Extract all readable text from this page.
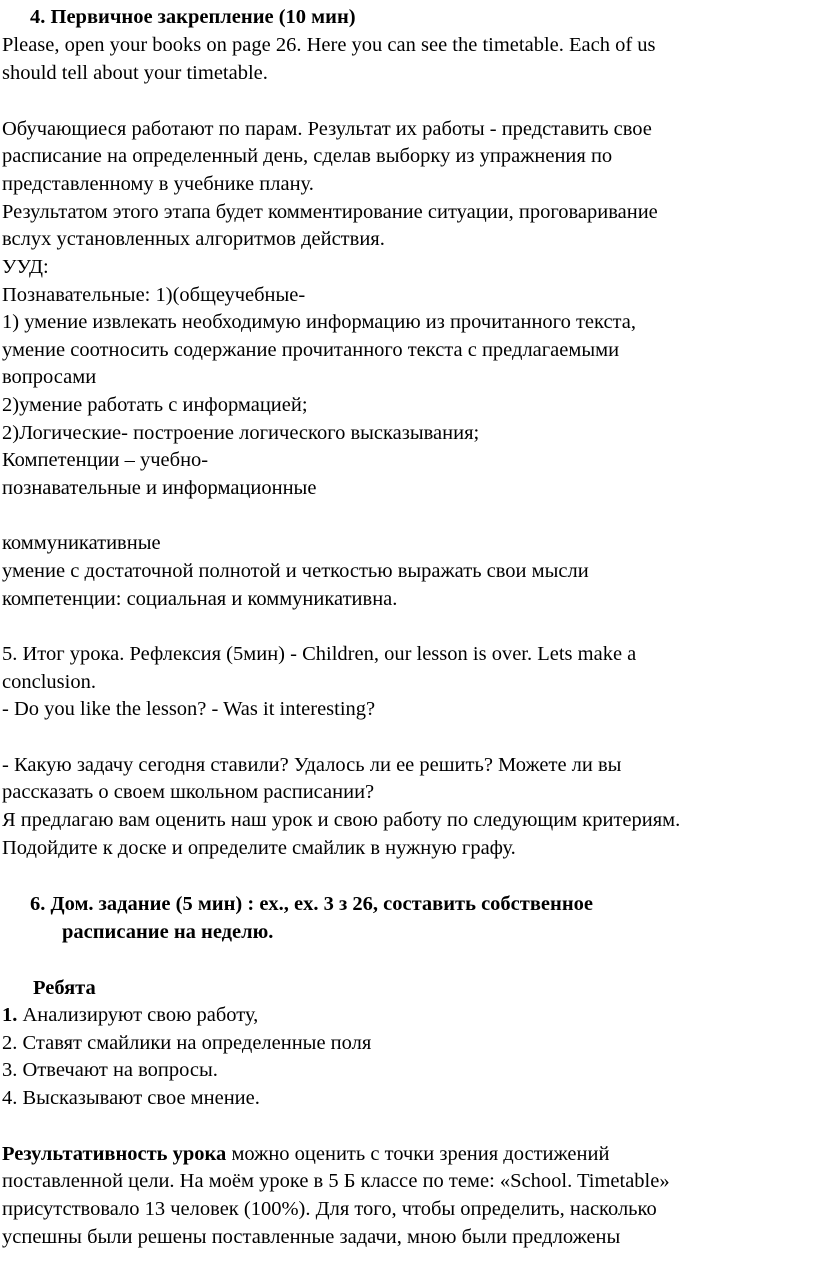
4. Первичное закрепление (10 мин)
Please, open your books on page 26. Here you can see the timetable. Each of us
should tell about your timetable.
Обучающиеся работают по парам. Результат их работы - представить свое
расписание на определенный день, сделав выборку из упражнения по
представленному в учебнике плану.
Результатом этого этапа будет комментирование ситуации, проговаривание
вслух установленных алгоритмов действия.
УУД:
Познавательные: 1)(общеучебные-
1) умение извлекать необходимую информацию из прочитанного текста,
умение соотносить содержание прочитанного текста с предлагаемыми
вопросами
2)умение работать с информацией;
2)Логические- построение логического высказывания;
Компетенции – учебно-
познавательные и информационные
коммуникативные
умение с достаточной полнотой и четкостью выражать свои мысли
компетенции: социальная и коммуникативна.
5. Итог урока. Рефлексия (5мин) - Children, our lesson is over. Lets make a
conclusion.
- Do you like the lesson? - Was it interesting?
- Какую задачу сегодня ставили? Удалось ли ее решить? Можете ли вы
рассказать о своем школьном расписании?
Я предлагаю вам оценить наш урок и свою работу по следующим критериям.
Подойдите к доске и определите смайлик в нужную графу.
6. Дом. задание (5 мин) : ex., ex. 3 з 26, составить собственное
расписание на неделю.
Ребята
1. Анализируют свою работу,
2. Ставят смайлики на определенные поля
3. Отвечают на вопросы.
4. Высказывают свое мнение.
Результативность урока можно оценить с точки зрения достижений
поставленной цели. На моём уроке в 5 Б классе по теме: «School. Timetable»
присутствовало 13 человек (100%). Для того, чтобы определить, насколько
успешны были решены поставленные задачи, мною были предложены
